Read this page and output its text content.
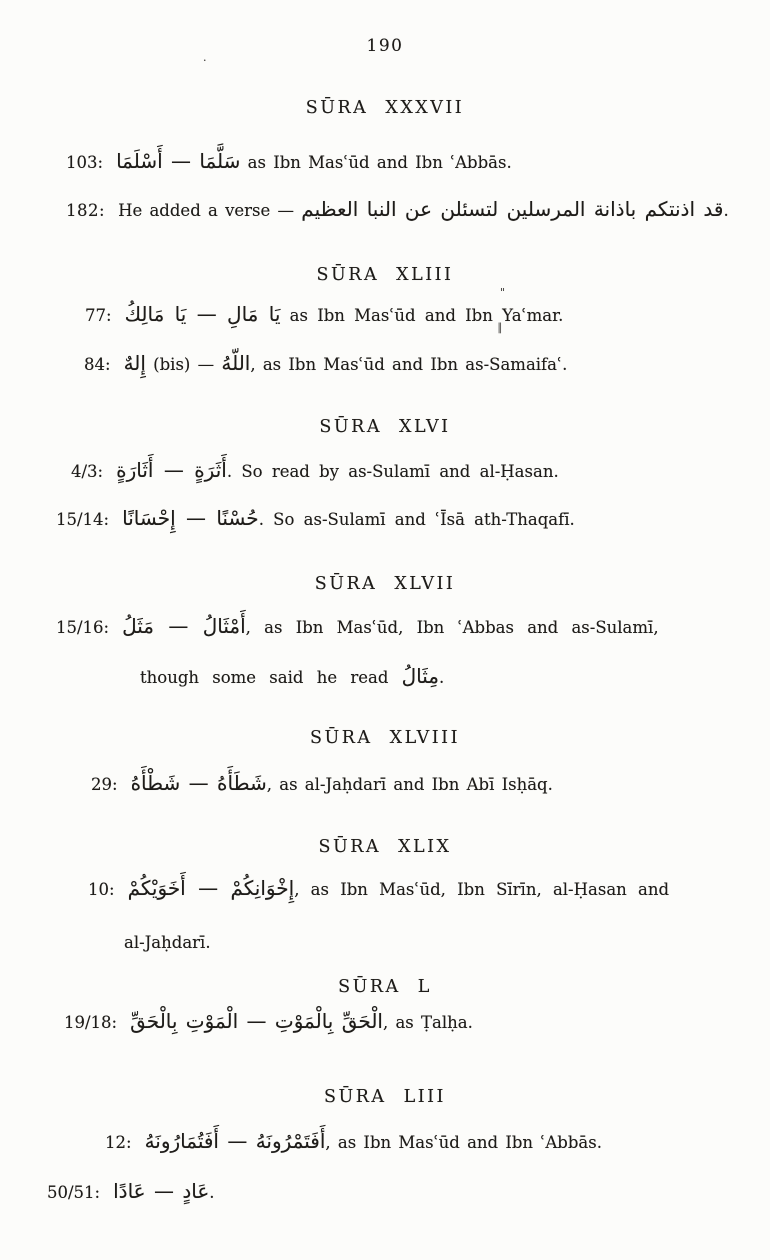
190
·
SŪRA XXXVII
103: سَلَّمَا — أَسْلَمَا as Ibn Masʿūd and Ibn ʿAbbās.
182: He added a verse — قد اذنتكم باذانة المرسلين لتسئلن عن النبا العظيم.
SŪRA XLIII
77: يَا مَالِ — يَا مَالِكُ as Ibn Masʿūd and Ibn Yaʿmar.
"
║
84: إِلهٌ (bis) — اللّهُ, as Ibn Masʿūd and Ibn as-Samaifaʿ.
SŪRA XLVI
4/3: أَثَرَةٍ — أَثَارَةٍ. So read by as-Sulamī and al-Ḥasan.
15/14: حُسْنًا — إِحْسَانًا. So as-Sulamī and ʿĪsā ath-Thaqafī.
SŪRA XLVII
15/16: أَمْثَالُ — مَثَلُ, as Ibn Masʿūd, Ibn ʿAbbas and as-Sulamī,
though some said he read مِثَالُ.
SŪRA XLVIII
29: شَطَأَهُ — شَطْأَهُ, as al-Jaḥdarī and Ibn Abī Isḥāq.
SŪRA XLIX
10: إِخْوَانِكُمْ — أَخَوَيْكُمْ, as Ibn Masʿūd, Ibn Sīrīn, al-Ḥasan and
al-Jaḥdarī.
SŪRA L
19/18: الْحَقِّ بِالْمَوْتِ — الْمَوْتِ بِالْحَقِّ, as Ṭalḥa.
SŪRA LIII
12: أَفَتَمْرُونَهُ — أَفَتُمَارُونَهُ, as Ibn Masʿūd and Ibn ʿAbbās.
50/51: عَادٍ — عَادًا.
